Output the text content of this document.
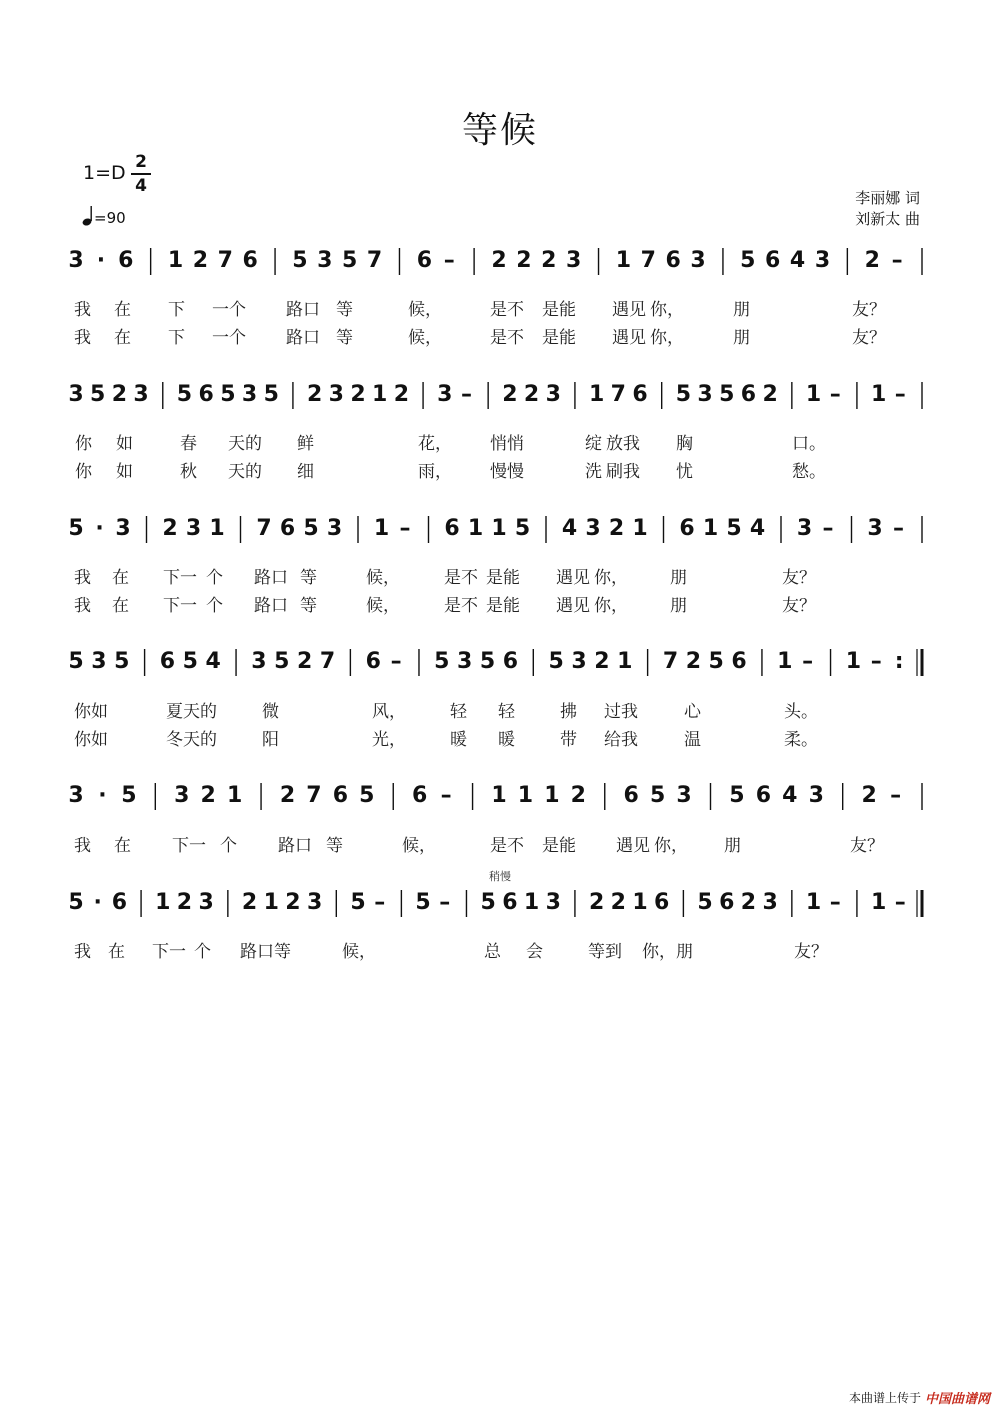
等候
1=D 2
4
=90
李丽娜 词
刘新太 曲
3 · 6 1 2 7 6 5 3 5 7 6 – 2 2 2 3 1 7 6 3 5 6 4 3 2 –
3 5 2 3 5 6 5 3 5 2 3 2 1 2 3 – 2 2 3 1 7 6 5 3 5 6 2 1 – 1 –
5 · 3 2 3 1 7 6 5 3 1 – 6 1 1 5 4 3 2 1 6 1 5 4 3 – 3 –
5 3 5 6 5 4 3 5 2 7 6 – 5 3 5 6 5 3 2 1 7 2 5 6 1 – 1 – :
3 · 5 3 2 1 2 7 6 5 6 – 1 1 1 2 6 5 3 5 6 4 3 2 –
5 · 6 1 2 3 2 1 2 3 5 – 5 – 5 6 1 3 2 2 1 6 5 6 2 3 1 – 1 –
稍慢
我 在 下 一个 路口 等	候，	是不 是能 遇见 你，	朋	友？
我 在 下 一个 路口 等	候，	是不 是能 遇见 你，	朋	友？
你 如	春 天的 鲜	花， 悄悄	绽 放我 胸	口。
你 如	秋 天的 细	雨， 慢慢	洗 刷我 忧	愁。
我 在 下一 个 路口 等	候，	是不 是能 遇见 你， 朋	友？
我 在 下一 个 路口 等	候，	是不 是能 遇见 你， 朋	友？
你如	夏天的	微	风，	轻 轻	拂 过我	心	头。
你如	冬天的	阳	光，	暖 暖	带 给我	温	柔。
我 在 下一 个 路口 等	候，	是不 是能 遇见 你， 朋	友？
我 在 下一 个 路口等	候，	总 会	等到 你，朋	友？
本曲谱上传于 中国曲谱网
